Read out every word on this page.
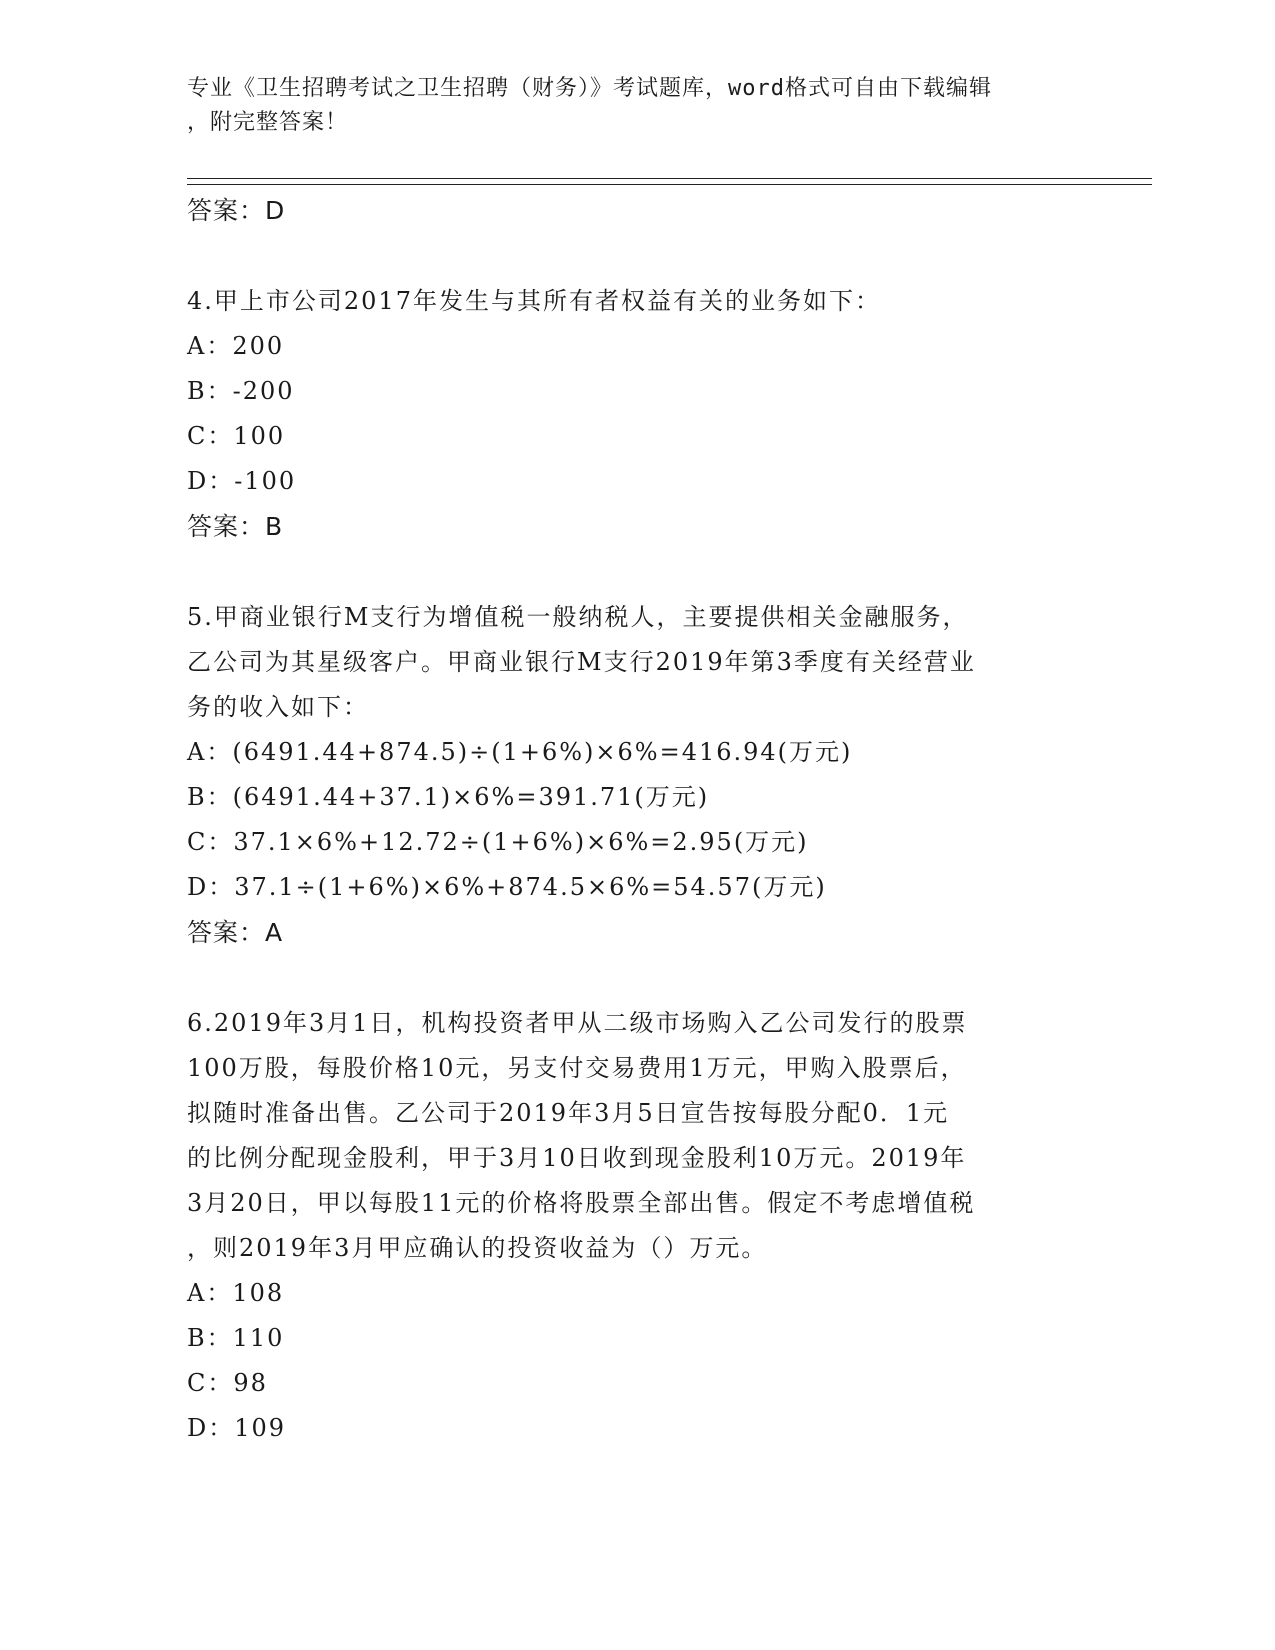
专业《卫生招聘考试之卫生招聘（财务）》考试题库，word格式可自由下载编辑
，附完整答案！
答案：D
4.甲上市公司2017年发生与其所有者权益有关的业务如下：
A：200
B：-200
C：100
D：-100
答案：B
5.甲商业银行M支行为增值税一般纳税人，主要提供相关金融服务，
乙公司为其星级客户。甲商业银行M支行2019年第3季度有关经营业
务的收入如下：
A：(6491.44+874.5)÷(1+6%)×6%=416.94(万元)
B：(6491.44+37.1)×6%=391.71(万元)
C：37.1×6%+12.72÷(1+6%)×6%=2.95(万元)
D：37.1÷(1+6%)×6%+874.5×6%=54.57(万元)
答案：A
6.2019年3月1日，机构投资者甲从二级市场购入乙公司发行的股票
100万股，每股价格10元，另支付交易费用1万元，甲购入股票后，
拟随时准备出售。乙公司于2019年3月5日宣告按每股分配0．1元
的比例分配现金股利，甲于3月10日收到现金股利10万元。2019年
3月20日，甲以每股11元的价格将股票全部出售。假定不考虑增值税
，则2019年3月甲应确认的投资收益为（）万元。
A：108
B：110
C：98
D：109
